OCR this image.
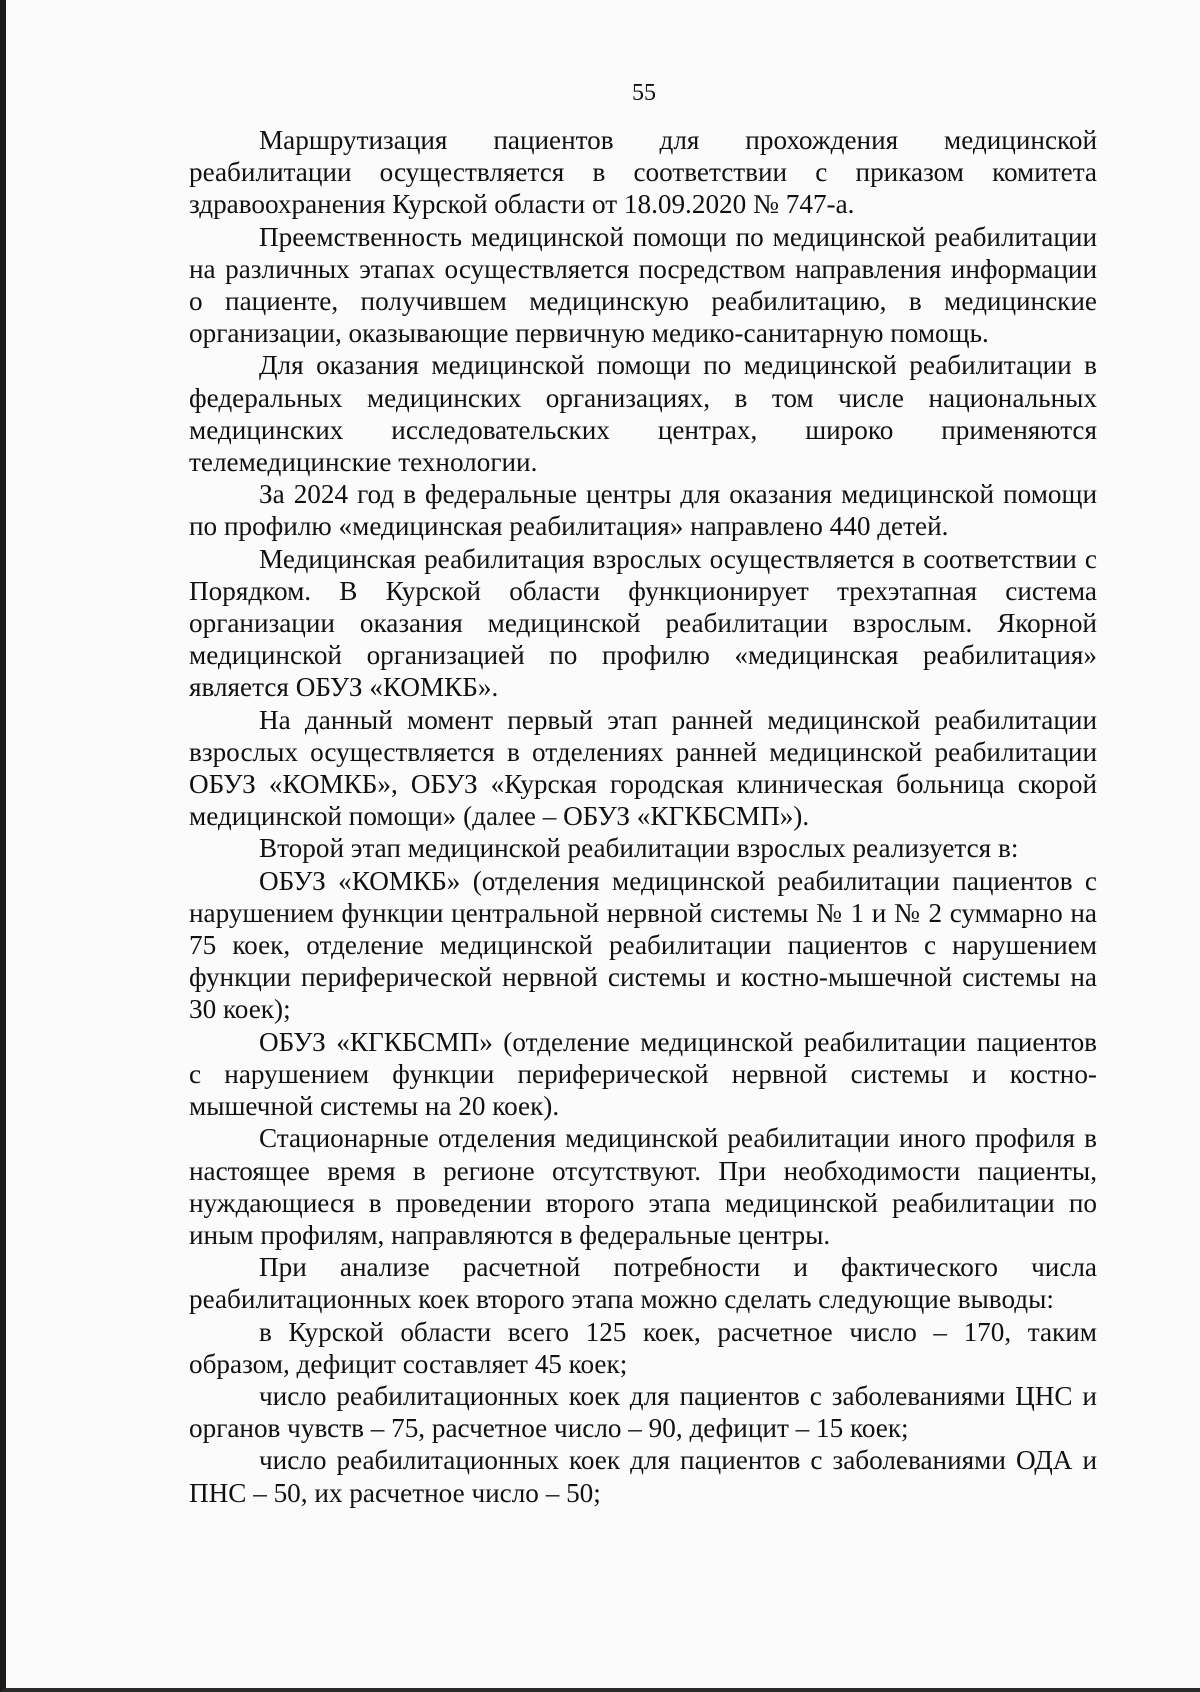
55

Маршрутизация пациентов для прохождения медицинской реабилитации осуществляется в соответствии с приказом комитета здравоохранения Курской области от 18.09.2020 № 747-а.

Преемственность медицинской помощи по медицинской реабилитации на различных этапах осуществляется посредством направления информации о пациенте, получившем медицинскую реабилитацию, в медицинские организации, оказывающие первичную медико-санитарную помощь.

Для оказания медицинской помощи по медицинской реабилитации в федеральных медицинских организациях, в том числе национальных медицинских исследовательских центрах, широко применяются телемедицинские технологии.

За 2024 год в федеральные центры для оказания медицинской помощи по профилю «медицинская реабилитация» направлено 440 детей.

Медицинская реабилитация взрослых осуществляется в соответствии с Порядком. В Курской области функционирует трехэтапная система организации оказания медицинской реабилитации взрослым. Якорной медицинской организацией по профилю «медицинская реабилитация» является ОБУЗ «КОМКБ».

На данный момент первый этап ранней медицинской реабилитации взрослых осуществляется в отделениях ранней медицинской реабилитации ОБУЗ «КОМКБ», ОБУЗ «Курская городская клиническая больница скорой медицинской помощи» (далее – ОБУЗ «КГКБСМП»).

Второй этап медицинской реабилитации взрослых реализуется в:

ОБУЗ «КОМКБ» (отделения медицинской реабилитации пациентов с нарушением функции центральной нервной системы № 1 и № 2 суммарно на 75 коек, отделение медицинской реабилитации пациентов с нарушением функции периферической нервной системы и костно-мышечной системы на 30 коек);

ОБУЗ «КГКБСМП» (отделение медицинской реабилитации пациентов с нарушением функции периферической нервной системы и костно-мышечной системы на 20 коек).

Стационарные отделения медицинской реабилитации иного профиля в настоящее время в регионе отсутствуют. При необходимости пациенты, нуждающиеся в проведении второго этапа медицинской реабилитации по иным профилям, направляются в федеральные центры.

При анализе расчетной потребности и фактического числа реабилитационных коек второго этапа можно сделать следующие выводы:

в Курской области всего 125 коек, расчетное число – 170, таким образом, дефицит составляет 45 коек;

число реабилитационных коек для пациентов с заболеваниями ЦНС и органов чувств – 75, расчетное число – 90, дефицит – 15 коек;

число реабилитационных коек для пациентов с заболеваниями ОДА и ПНС – 50, их расчетное число – 50;
